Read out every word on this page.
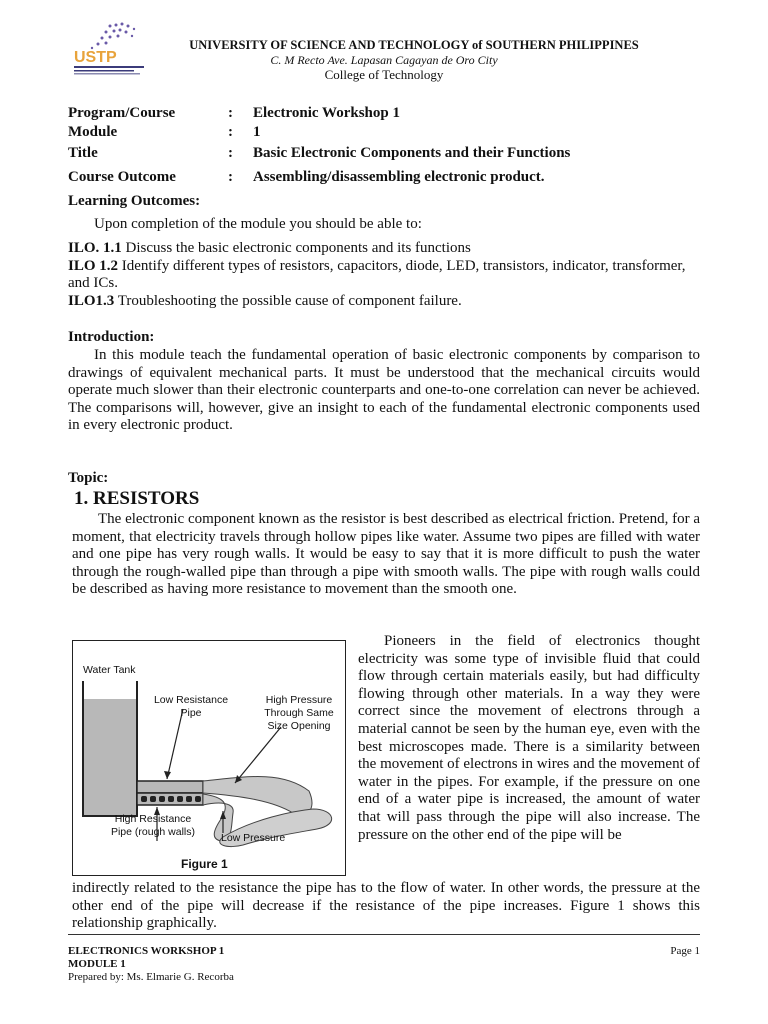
USTP
UNIVERSITY OF SCIENCE AND TECHNOLOGY of SOUTHERN PHILIPPINES
C. M Recto Ave. Lapasan Cagayan de Oro City
College of Technology
Program/Course	:	Electronic Workshop 1
Module	:	1
Title	:	Basic Electronic Components and their Functions
Course Outcome	:	Assembling/disassembling electronic product.
Learning Outcomes:
Upon completion of the module you should be able to:
ILO. 1.1 Discuss the basic electronic components and its functions
ILO 1.2 Identify different types of resistors, capacitors, diode, LED, transistors, indicator, transformer, and ICs.
ILO1.3 Troubleshooting the possible cause of component failure.
Introduction:

In this module teach the fundamental operation of basic electronic components by comparison to drawings of equivalent mechanical parts. It must be understood that the mechanical circuits would operate much slower than their electronic counterparts and one-to-one correlation can never be achieved. The comparisons will, however, give an insight to each of the fundamental electronic components used in every electronic product.

Topic:
1. RESISTORS

The electronic component known as the resistor is best described as electrical friction. Pretend, for a moment, that electricity travels through hollow pipes like water. Assume two pipes are filled with water and one pipe has very rough walls. It would be easy to say that it is more difficult to push the water through the rough-walled pipe than through a pipe with smooth walls. The pipe with rough walls could be described as having more resistance to movement than the smooth one.

Water Tank
Low Resistance
Pipe
High Pressure
Through Same
Size Opening
High Resistance
Pipe (rough walls)	Low Pressure
Figure 1

Pioneers in the field of electronics thought electricity was some type of invisible fluid that could flow through certain materials easily, but had difficulty flowing through other materials. In a way they were correct since the movement of electrons through a material cannot be seen by the human eye, even with the best microscopes made. There is a similarity between the movement of electrons in wires and the movement of water in the pipes. For example, if the pressure on one end of a water pipe is increased, the amount of water that will pass through the pipe will also increase. The pressure on the other end of the pipe will be

indirectly related to the resistance the pipe has to the flow of water. In other words, the pressure at the other end of the pipe will decrease if the resistance of the pipe increases. Figure 1 shows this relationship graphically.

ELECTRONICS WORKSHOP 1
MODULE 1
Prepared by: Ms. Elmarie G. Recorba
Page 1
